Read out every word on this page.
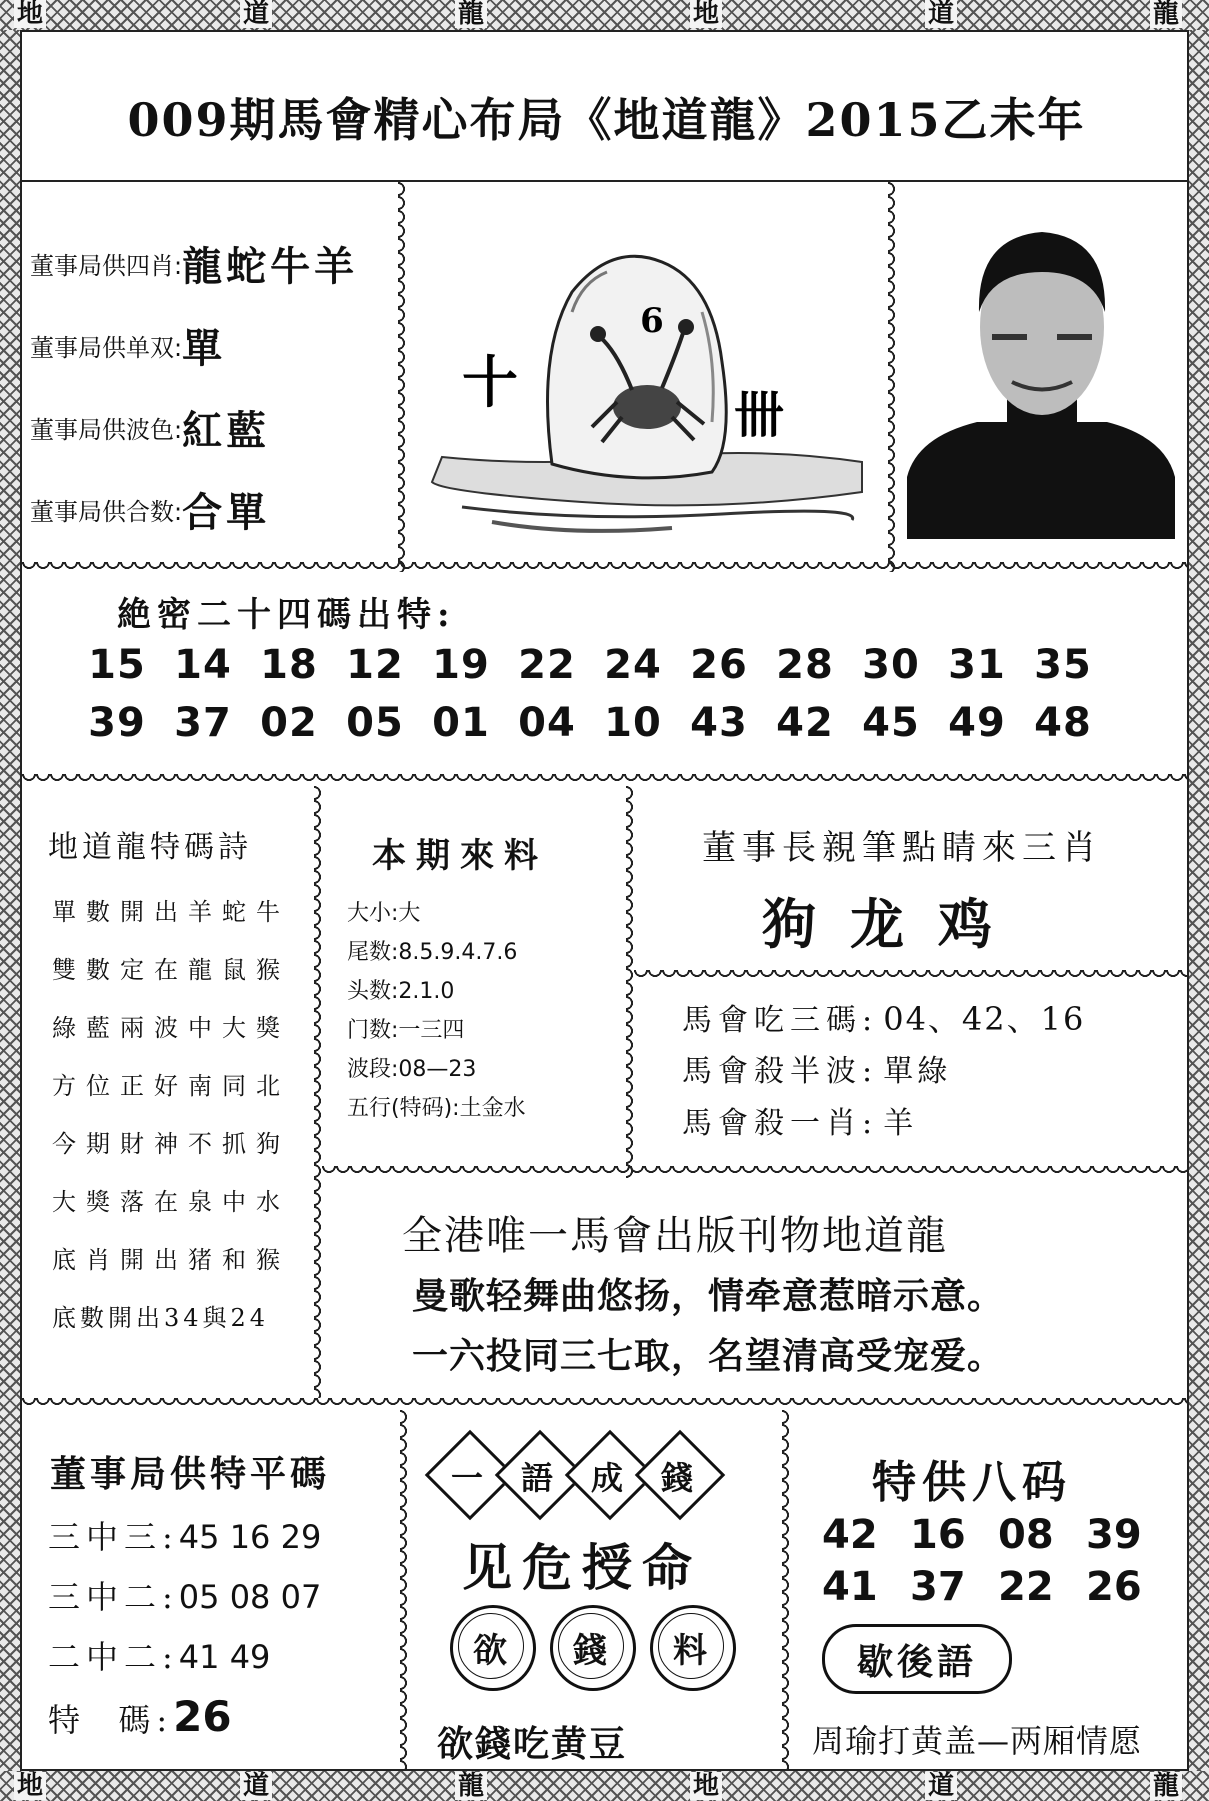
地	道	龍	地	道	龍
地	道	龍	地	道	龍
009期馬會精心布局《地道龍》2015乙未年
董事局供四肖: 龍蛇牛羊
董事局供单双: 單
董事局供波色: 紅藍
董事局供合数: 合單
十	卌
6
絶密二十四碼出特:
15 14 18 12 19 22 24 26 28 30 31 35
39 37 02 05 01 04 10 43 42 45 49 48
地道龍特碼詩
單數開出羊蛇牛
雙數定在龍鼠猴
綠藍兩波中大獎
方位正好南同北
今期財神不抓狗
大獎落在泉中水
底肖開出猪和猴
底數開出34與24
本期來料
大小:大
尾数:8.5.9.4.7.6
头数:2.1.0
门数:一三四
波段:08—23
五行(特码):土金水
董事長親筆點睛來三肖
狗龙鸡
馬會吃三碼: 04、42、16
馬會殺半波: 單綠
馬會殺一肖: 羊
全港唯一馬會出版刊物地道龍
曼歌轻舞曲悠扬，情牵意惹暗示意。
一六投同三七取，名望清高受宠爱。
董事局供特平碼
三中三:45 16 29
三中二:05 08 07
二中二:41 49
特  碼:26
一	語	成	錢
见危授命
欲	錢	料
欲錢吃黄豆
特供八码
42 16 08 39
41 37 22 26
歇後語
周瑜打黄盖—两厢情愿
